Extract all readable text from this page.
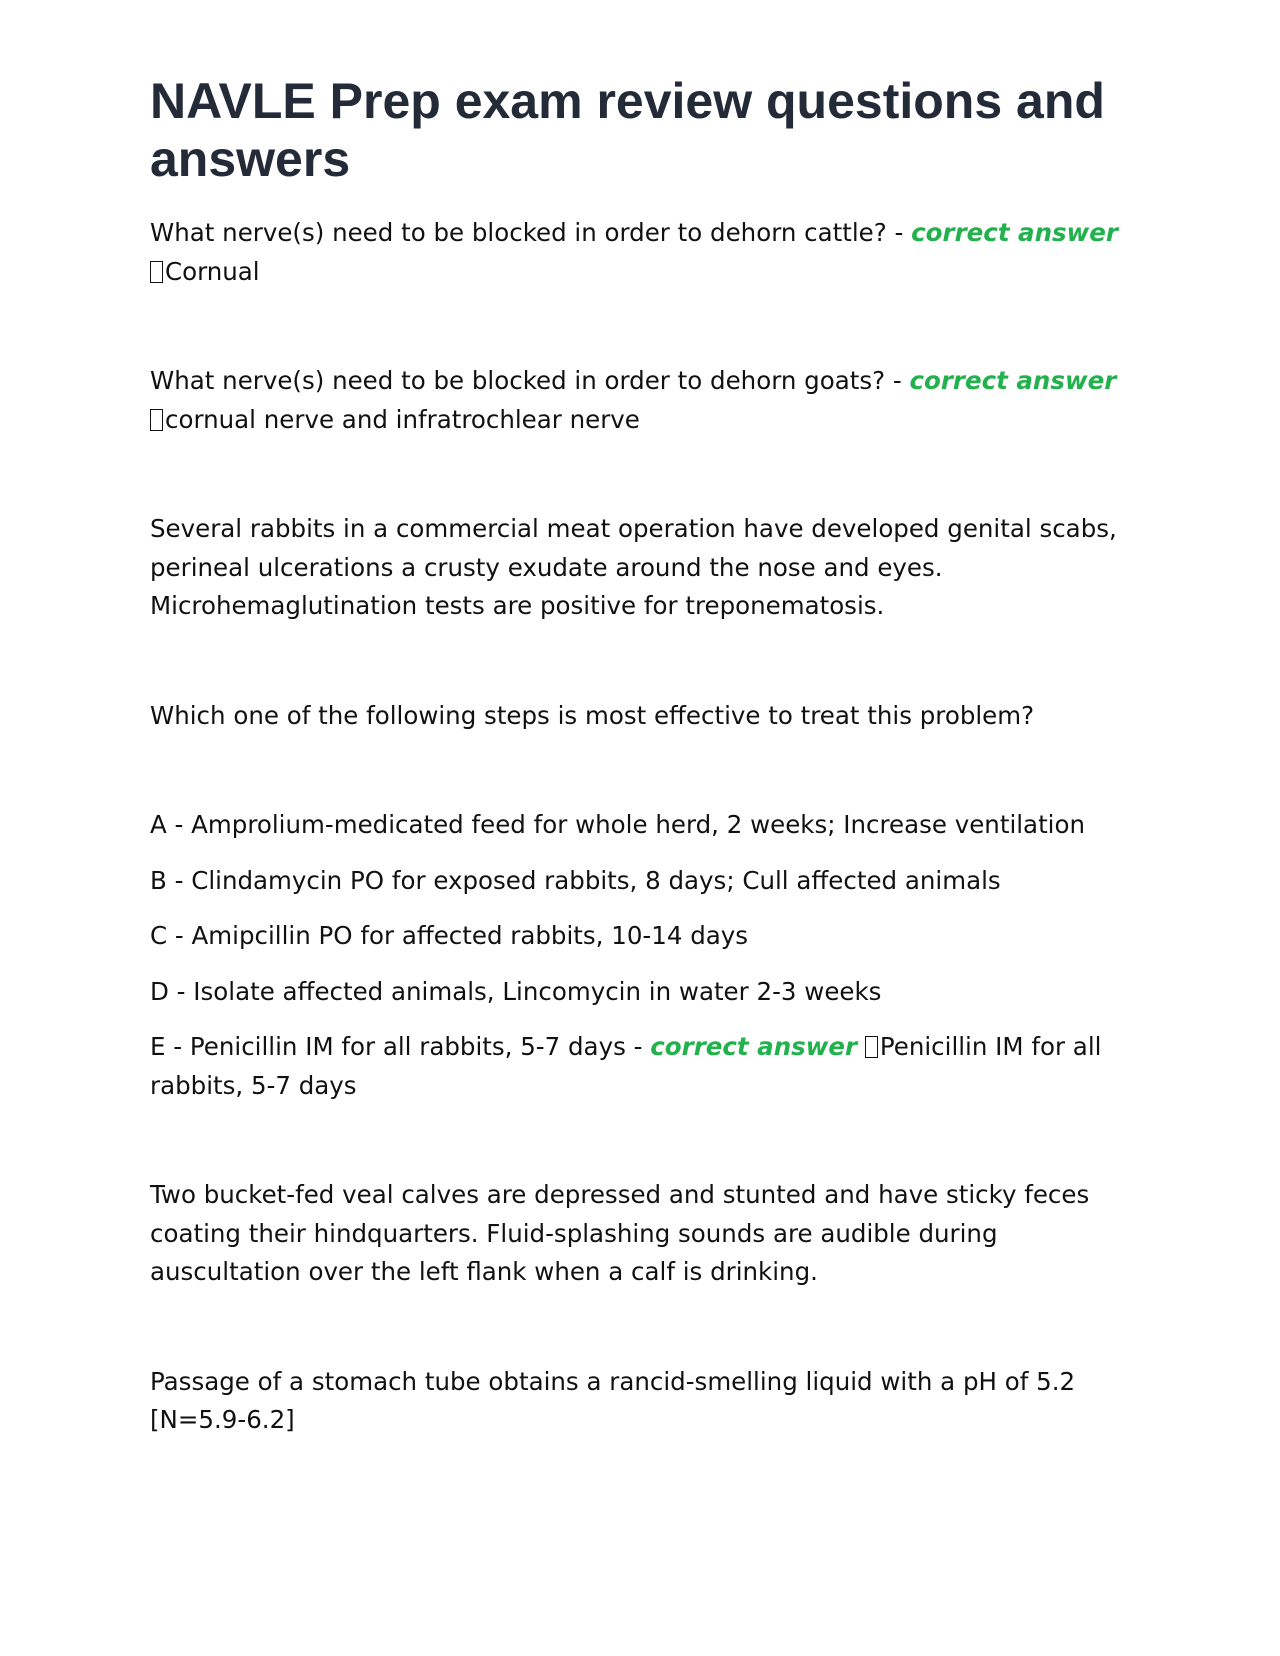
NAVLE Prep exam review questions and answers

What nerve(s) need to be blocked in order to dehorn cattle? - correct answer
Cornual

What nerve(s) need to be blocked in order to dehorn goats? - correct answer
cornual nerve and infratrochlear nerve

Several rabbits in a commercial meat operation have developed genital scabs, perineal ulcerations a crusty exudate around the nose and eyes. Microhemaglutination tests are positive for treponematosis.

Which one of the following steps is most effective to treat this problem?

A - Amprolium-medicated feed for whole herd, 2 weeks; Increase ventilation

B - Clindamycin PO for exposed rabbits, 8 days; Cull affected animals

C - Amipcillin PO for affected rabbits, 10-14 days

D - Isolate affected animals, Lincomycin in water 2-3 weeks

E - Penicillin IM for all rabbits, 5-7 days - correct answer Penicillin IM for all rabbits, 5-7 days

Two bucket-fed veal calves are depressed and stunted and have sticky feces coating their hindquarters. Fluid-splashing sounds are audible during auscultation over the left flank when a calf is drinking.

Passage of a stomach tube obtains a rancid-smelling liquid with a pH of 5.2 [N=5.9-6.2]
